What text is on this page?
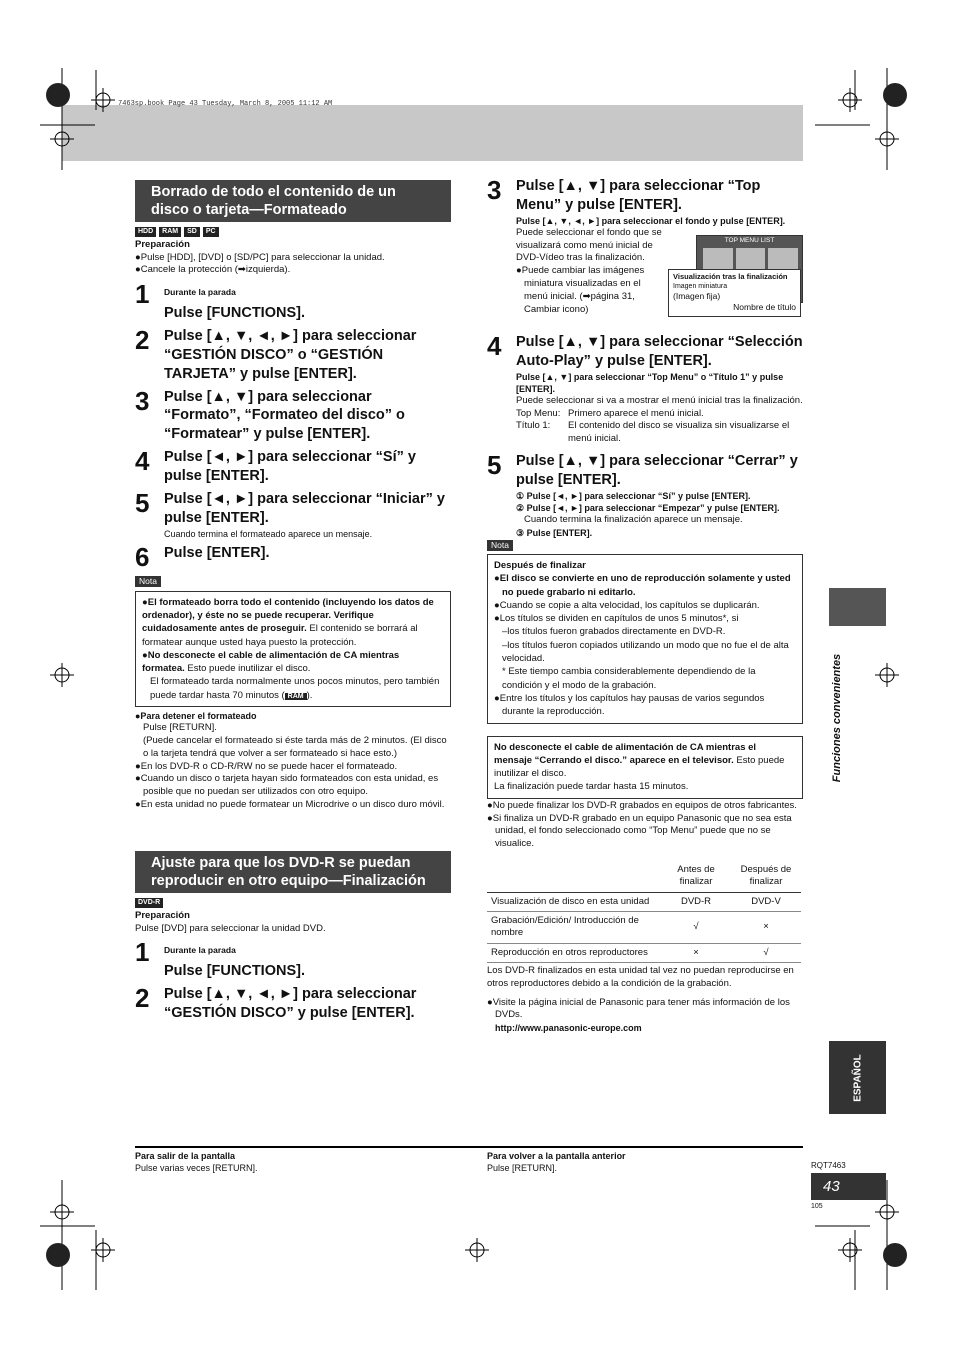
7463sp.book Page 43 Tuesday, March 8, 2005 11:12 AM
Borrado de todo el contenido de un disco o tarjeta—Formateado
HDD	RAM	SD	PC
Preparación
●Pulse [HDD], [DVD] o [SD/PC] para seleccionar la unidad.
●Cancele la protección (➡izquierda).
1	Durante la parada
Pulse [FUNCTIONS].
2	Pulse [▲, ▼, ◄, ►] para seleccionar “GESTIÓN DISCO” o “GESTIÓN TARJETA” y pulse [ENTER].
3	Pulse [▲, ▼] para seleccionar “Formato”, “Formateo del disco” o “Formatear” y pulse [ENTER].
4	Pulse [◄, ►] para seleccionar “Sí” y pulse [ENTER].
5	Pulse [◄, ►] para seleccionar “Iniciar” y pulse [ENTER].
Cuando termina el formateado aparece un mensaje.
6	Pulse [ENTER].
Nota
●El formateado borra todo el contenido (incluyendo los datos de ordenador), y éste no se puede recuperar. Verifique cuidadosamente antes de proseguir. El contenido se borrará al formatear aunque usted haya puesto la protección.
●No desconecte el cable de alimentación de CA mientras formatea. Esto puede inutilizar el disco.
El formateado tarda normalmente unos pocos minutos, pero también puede tardar hasta 70 minutos ( RAM ).
●Para detener el formateado
Pulse [RETURN].
(Puede cancelar el formateado si éste tarda más de 2 minutos. (El disco o la tarjeta tendrá que volver a ser formateado si hace esto.)
●En los DVD-R o CD-R/RW no se puede hacer el formateado.
●Cuando un disco o tarjeta hayan sido formateados con esta unidad, es posible que no puedan ser utilizados con otro equipo.
●En esta unidad no puede formatear un Microdrive o un disco duro móvil.
Ajuste para que los DVD-R se puedan reproducir en otro equipo—Finalización
DVD-R
Preparación
Pulse [DVD] para seleccionar la unidad DVD.
1	Durante la parada
Pulse [FUNCTIONS].
2	Pulse [▲, ▼, ◄, ►] para seleccionar “GESTIÓN DISCO” y pulse [ENTER].
3	Pulse [▲, ▼] para seleccionar “Top Menu” y pulse [ENTER].
Pulse [▲, ▼, ◄, ►] para seleccionar el fondo y pulse [ENTER].
TOP MENU LIST
Visualización tras la finalización
Imagen miniatura
(Imagen fija)
Nombre de título
Puede seleccionar el fondo que se visualizará como menú inicial de DVD-Vídeo tras la finalización.
●Puede cambiar las imágenes miniatura visualizadas en el menú inicial. (➡página 31, Cambiar icono)
4	Pulse [▲, ▼] para seleccionar “Selección Auto-Play” y pulse [ENTER].
Pulse [▲, ▼] para seleccionar “Top Menu” o “Título 1” y pulse [ENTER].
Puede seleccionar si va a mostrar el menú inicial tras la finalización.
Top Menu: Primero aparece el menú inicial.
Título 1:	El contenido del disco se visualiza sin visualizarse el menú inicial.
5	Pulse [▲, ▼] para seleccionar “Cerrar” y pulse [ENTER].
① Pulse [◄, ►] para seleccionar “Sí” y pulse [ENTER].
② Pulse [◄, ►] para seleccionar “Empezar” y pulse [ENTER].
Cuando termina la finalización aparece un mensaje.
③ Pulse [ENTER].
Nota
Después de finalizar
●El disco se convierte en uno de reproducción solamente y usted no puede grabarlo ni editarlo.
●Cuando se copie a alta velocidad, los capítulos se duplicarán.
●Los títulos se dividen en capítulos de unos 5 minutos*, si
–los títulos fueron grabados directamente en DVD-R.
–los títulos fueron copiados utilizando un modo que no fue el de alta velocidad.
* Este tiempo cambia considerablemente dependiendo de la condición y el modo de la grabación.
●Entre los títulos y los capítulos hay pausas de varios segundos durante la reproducción.
No desconecte el cable de alimentación de CA mientras el mensaje “Cerrando el disco.” aparece en el televisor. Esto puede inutilizar el disco.
La finalización puede tardar hasta 15 minutos.
●No puede finalizar los DVD-R grabados en equipos de otros fabricantes.
●Si finaliza un DVD-R grabado en un equipo Panasonic que no sea esta unidad, el fondo seleccionado como “Top Menu” puede que no se visualice.
	Antes de finalizar	Después de finalizar
Visualización de disco en esta unidad	DVD-R	DVD-V
Grabación/Edición/ Introducción de nombre	√	×
Reproducción en otros reproductores	×	√
Los DVD-R finalizados en esta unidad tal vez no puedan reproducirse en otros reproductores debido a la condición de la grabación.
●Visite la página inicial de Panasonic para tener más información de los DVDs.
http://www.panasonic-europe.com
Funciones convenientes
ESPAÑOL
Para salir de la pantalla
Pulse varias veces [RETURN].
Para volver a la pantalla anterior
Pulse [RETURN].	RQT7463
43
105
